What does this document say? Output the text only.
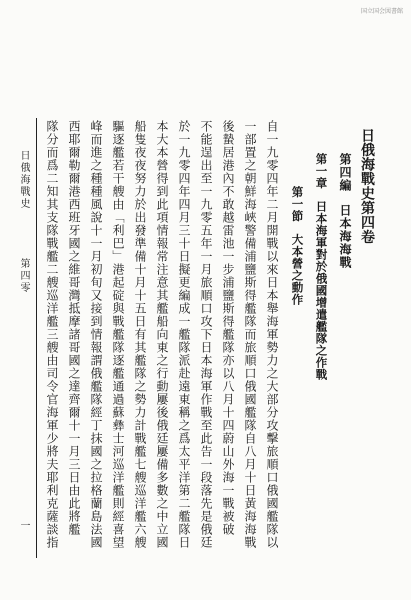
国立国会図書館
日俄海戰史第四卷
第四編日本海海戰
第一章日本海軍對於俄國增遣艦隊之作戰
第一節大本營之動作
自一九零四年二月開戰以來日本舉海軍勢力之大部分攻擊旅順口俄國艦隊以
一部置之朝鮮海峽警備浦鹽斯得艦隊而旅順口俄國艦隊自八月十日黃海海戰
後蟄居港內不敢越雷池一步浦鹽斯得艦隊亦以八月十四蔚山外海一戰被破
不能逞出至一九零五年一月旅順口攻下日本海軍作戰至此告一段落先是俄廷
於一九零四年四月三十日擬更編成一艦隊派赴遠東稱之爲太平洋第二艦隊日
本大本營得到此項情報常注意其艦船向東之行動屢後俄廷屢備多數之中立國
船隻夜夜努力於出發準備十月十五日有其艦隊之勢力計戰艦七艘巡洋艦六艘
驅逐艦若干艘由「利巴」港起碇與戰艦隊逐艦通過蘇彝士河巡洋艦則經喜望
峰而進之種種風說十一月初旬又接到情報謂俄艦隊經丁抹國之拉格蘭島法國
西耶爾勒爾港西班牙國之維哥灣抵摩諸哥國之達齊爾十一月三日由此將艦
隊分而爲二知其支隊戰艦二艘巡洋艦三艘由司令官海軍少將夫耶利克薩談指
日俄海戰史
第四零
一
